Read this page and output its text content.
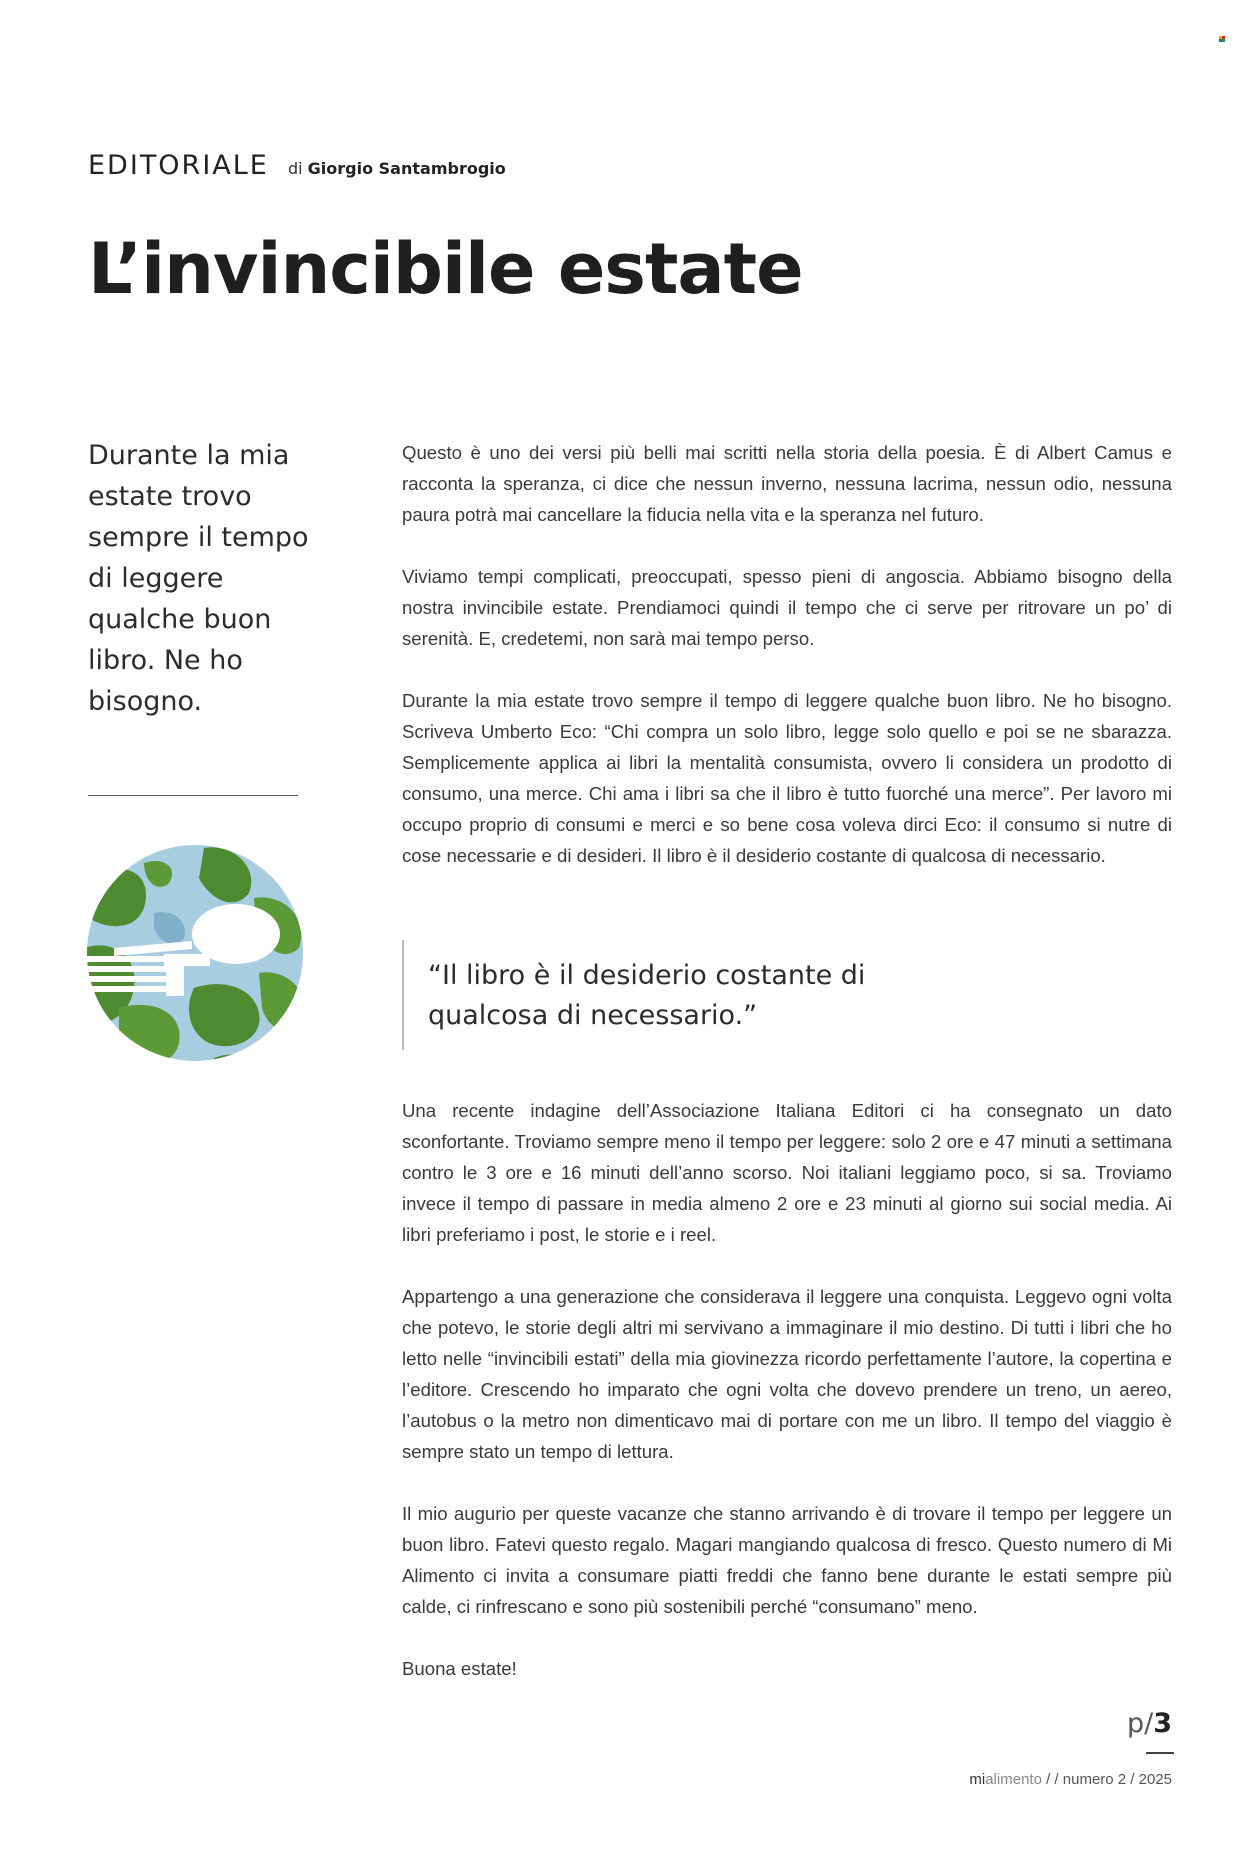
EDITORIALE di Giorgio Santambrogio
L’invincibile estate

Durante la mia estate trovo sempre il tempo di leggere qualche buon libro. Ne ho bisogno.

Questo è uno dei versi più belli mai scritti nella storia della poesia. È di Albert Camus e racconta la speranza, ci dice che nessun inverno, nessuna lacrima, nessun odio, nessuna paura potrà mai cancellare la fiducia nella vita e la speranza nel futuro.

Viviamo tempi complicati, preoccupati, spesso pieni di angoscia. Abbiamo bisogno della nostra invincibile estate. Prendiamoci quindi il tempo che ci serve per ritrovare un po’ di serenità. E, credetemi, non sarà mai tempo perso.

Durante la mia estate trovo sempre il tempo di leggere qualche buon libro. Ne ho bisogno. Scriveva Umberto Eco: “Chi compra un solo libro, legge solo quello e poi se ne sbarazza. Semplicemente applica ai libri la mentalità consumista, ovvero li considera un prodotto di consumo, una merce. Chi ama i libri sa che il libro è tutto fuorché una merce”. Per lavoro mi occupo proprio di consumi e merci e so bene cosa voleva dirci Eco: il consumo si nutre di cose necessarie e di desideri. Il libro è il desiderio costante di qualcosa di necessario.

“Il libro è il desiderio costante di qualcosa di necessario.”

Una recente indagine dell’Associazione Italiana Editori ci ha consegnato un dato sconfortante. Troviamo sempre meno il tempo per leggere: solo 2 ore e 47 minuti a settimana contro le 3 ore e 16 minuti dell’anno scorso. Noi italiani leggiamo poco, si sa. Troviamo invece il tempo di passare in media almeno 2 ore e 23 minuti al giorno sui social media. Ai libri preferiamo i post, le storie e i reel.

Appartengo a una generazione che considerava il leggere una conquista. Leggevo ogni volta che potevo, le storie degli altri mi servivano a immaginare il mio destino. Di tutti i libri che ho letto nelle “invincibili estati” della mia giovinezza ricordo perfettamente l’autore, la copertina e l’editore. Crescendo ho imparato che ogni volta che dovevo prendere un treno, un aereo, l’autobus o la metro non dimenticavo mai di portare con me un libro. Il tempo del viaggio è sempre stato un tempo di lettura.

Il mio augurio per queste vacanze che stanno arrivando è di trovare il tempo per leggere un buon libro. Fatevi questo regalo. Magari mangiando qualcosa di fresco. Questo numero di Mi Alimento ci invita a consumare piatti freddi che fanno bene durante le estati sempre più calde, ci rinfrescano e sono più sostenibili perché “consumano” meno.

Buona estate!

p/3
mialimento / / numero 2 / 2025
